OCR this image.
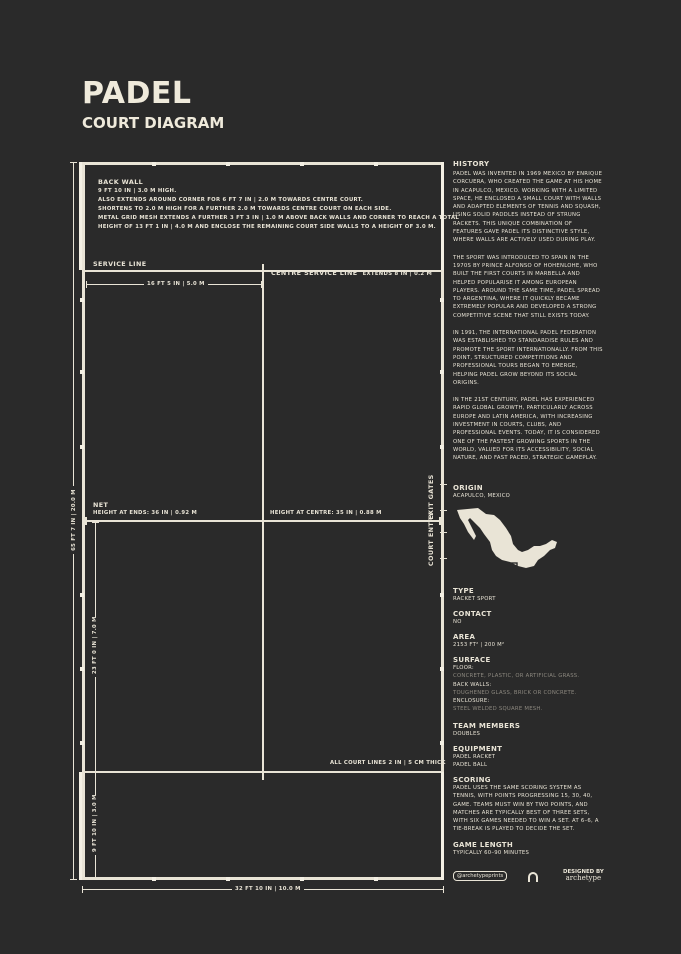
PADEL
COURT DIAGRAM
BACK WALL
9 FT 10 IN | 3.0 M HIGH.
ALSO EXTENDS AROUND CORNER FOR 6 FT 7 IN | 2.0 M TOWARDS CENTRE COURT.
SHORTENS TO 2.0 M HIGH FOR A FURTHER 2.0 M TOWARDS CENTRE COURT ON EACH SIDE.
METAL GRID MESH EXTENDS A FURTHER 3 FT 3 IN | 1.0 M ABOVE BACK WALLS AND CORNER TO REACH A TOTAL
HEIGHT OF 13 FT 1 IN | 4.0 M AND ENCLOSE THE REMAINING COURT SIDE WALLS TO A HEIGHT OF 3.0 M.
SERVICE LINE
CENTRE SERVICE LINE EXTENDS 8 IN | 0.2 M
16 FT 5 IN | 5.0 M
NET
HEIGHT AT ENDS: 36 IN | 0.92 M	HEIGHT AT CENTRE: 35 IN | 0.88 M
ALL COURT LINES 2 IN | 5 CM THICK
COURT ENTRY
EXIT GATES
65 FT 7 IN | 20.0 M
23 FT 0 IN | 7.0 M
9 FT 10 IN | 3.0 M
32 FT 10 IN | 10.0 M
HISTORY
PADEL WAS INVENTED IN 1969 MEXICO BY ENRIQUE CORCUERA, WHO CREATED THE GAME AT HIS HOME IN ACAPULCO, MEXICO. WORKING WITH A LIMITED SPACE, HE ENCLOSED A SMALL COURT WITH WALLS AND ADAPTED ELEMENTS OF TENNIS AND SQUASH, USING SOLID PADDLES INSTEAD OF STRUNG RACKETS. THIS UNIQUE COMBINATION OF FEATURES GAVE PADEL ITS DISTINCTIVE STYLE, WHERE WALLS ARE ACTIVELY USED DURING PLAY.
THE SPORT WAS INTRODUCED TO SPAIN IN THE 1970S BY PRINCE ALFONSO OF HOHENLOHE, WHO BUILT THE FIRST COURTS IN MARBELLA AND HELPED POPULARISE IT AMONG EUROPEAN PLAYERS. AROUND THE SAME TIME, PADEL SPREAD TO ARGENTINA, WHERE IT QUICKLY BECAME EXTREMELY POPULAR AND DEVELOPED A STRONG COMPETITIVE SCENE THAT STILL EXISTS TODAY.
IN 1991, THE INTERNATIONAL PADEL FEDERATION WAS ESTABLISHED TO STANDARDISE RULES AND PROMOTE THE SPORT INTERNATIONALLY. FROM THIS POINT, STRUCTURED COMPETITIONS AND PROFESSIONAL TOURS BEGAN TO EMERGE, HELPING PADEL GROW BEYOND ITS SOCIAL ORIGINS.
IN THE 21ST CENTURY, PADEL HAS EXPERIENCED RAPID GLOBAL GROWTH, PARTICULARLY ACROSS EUROPE AND LATIN AMERICA, WITH INCREASING INVESTMENT IN COURTS, CLUBS, AND PROFESSIONAL EVENTS. TODAY, IT IS CONSIDERED ONE OF THE FASTEST GROWING SPORTS IN THE WORLD, VALUED FOR ITS ACCESSIBILITY, SOCIAL NATURE, AND FAST PACED, STRATEGIC GAMEPLAY.
ORIGIN
ACAPULCO, MEXICO
TYPE
RACKET SPORT
CONTACT
NO
AREA
2153 FT² | 200 M²
SURFACE
FLOOR:
CONCRETE, PLASTIC, OR ARTIFICIAL GRASS.
BACK WALLS:
TOUGHENED GLASS, BRICK OR CONCRETE.
ENCLOSURE:
STEEL WELDED SQUARE MESH.
TEAM MEMBERS
DOUBLES
EQUIPMENT
PADEL RACKET
PADEL BALL
SCORING
PADEL USES THE SAME SCORING SYSTEM AS TENNIS, WITH POINTS PROGRESSING 15, 30, 40, GAME. TEAMS MUST WIN BY TWO POINTS, AND MATCHES ARE TYPICALLY BEST OF THREE SETS, WITH SIX GAMES NEEDED TO WIN A SET. AT 6–6, A TIE-BREAK IS PLAYED TO DECIDE THE SET.
GAME LENGTH
TYPICALLY 60–90 MINUTES
@archetypeprints
DESIGNED BY
archetype
